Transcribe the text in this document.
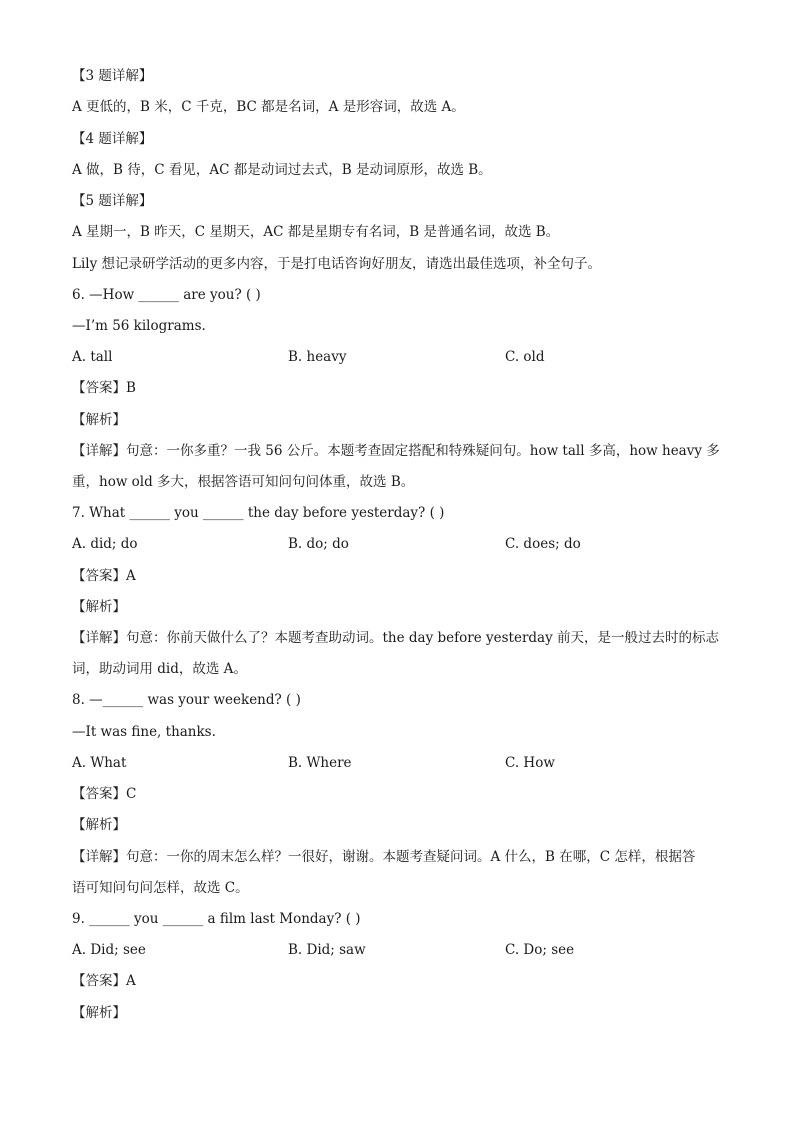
【3 题详解】
A 更低的，B 米，C 千克，BC 都是名词，A 是形容词，故选 A。
【4 题详解】
A 做，B 待，C 看见，AC 都是动词过去式，B 是动词原形，故选 B。
【5 题详解】
A 星期一，B 昨天，C 星期天，AC 都是星期专有名词，B 是普通名词，故选 B。
Lily 想记录研学活动的更多内容，于是打电话咨询好朋友，请选出最佳选项，补全句子。
6. —How ______ are you? ( )
—I’m 56 kilograms.
A. tall	B. heavy	C. old
【答案】B
【解析】
【详解】句意：一你多重？一我 56 公斤。本题考查固定搭配和特殊疑问句。how tall 多高，how heavy 多
重，how old 多大，根据答语可知问句问体重，故选 B。
7. What ______ you ______ the day before yesterday? ( )
A. did; do	B. do; do	C. does; do
【答案】A
【解析】
【详解】句意：你前天做什么了？本题考查助动词。the day before yesterday 前天，是一般过去时的标志
词，助动词用 did，故选 A。
8. —______ was your weekend? ( )
—It was fine, thanks.
A. What	B. Where	C. How
【答案】C
【解析】
【详解】句意：一你的周末怎么样？一很好，谢谢。本题考查疑问词。A 什么，B 在哪，C 怎样，根据答
语可知问句问怎样，故选 C。
9. ______ you ______ a film last Monday? ( )
A. Did; see	B. Did; saw	C. Do; see
【答案】A
【解析】
